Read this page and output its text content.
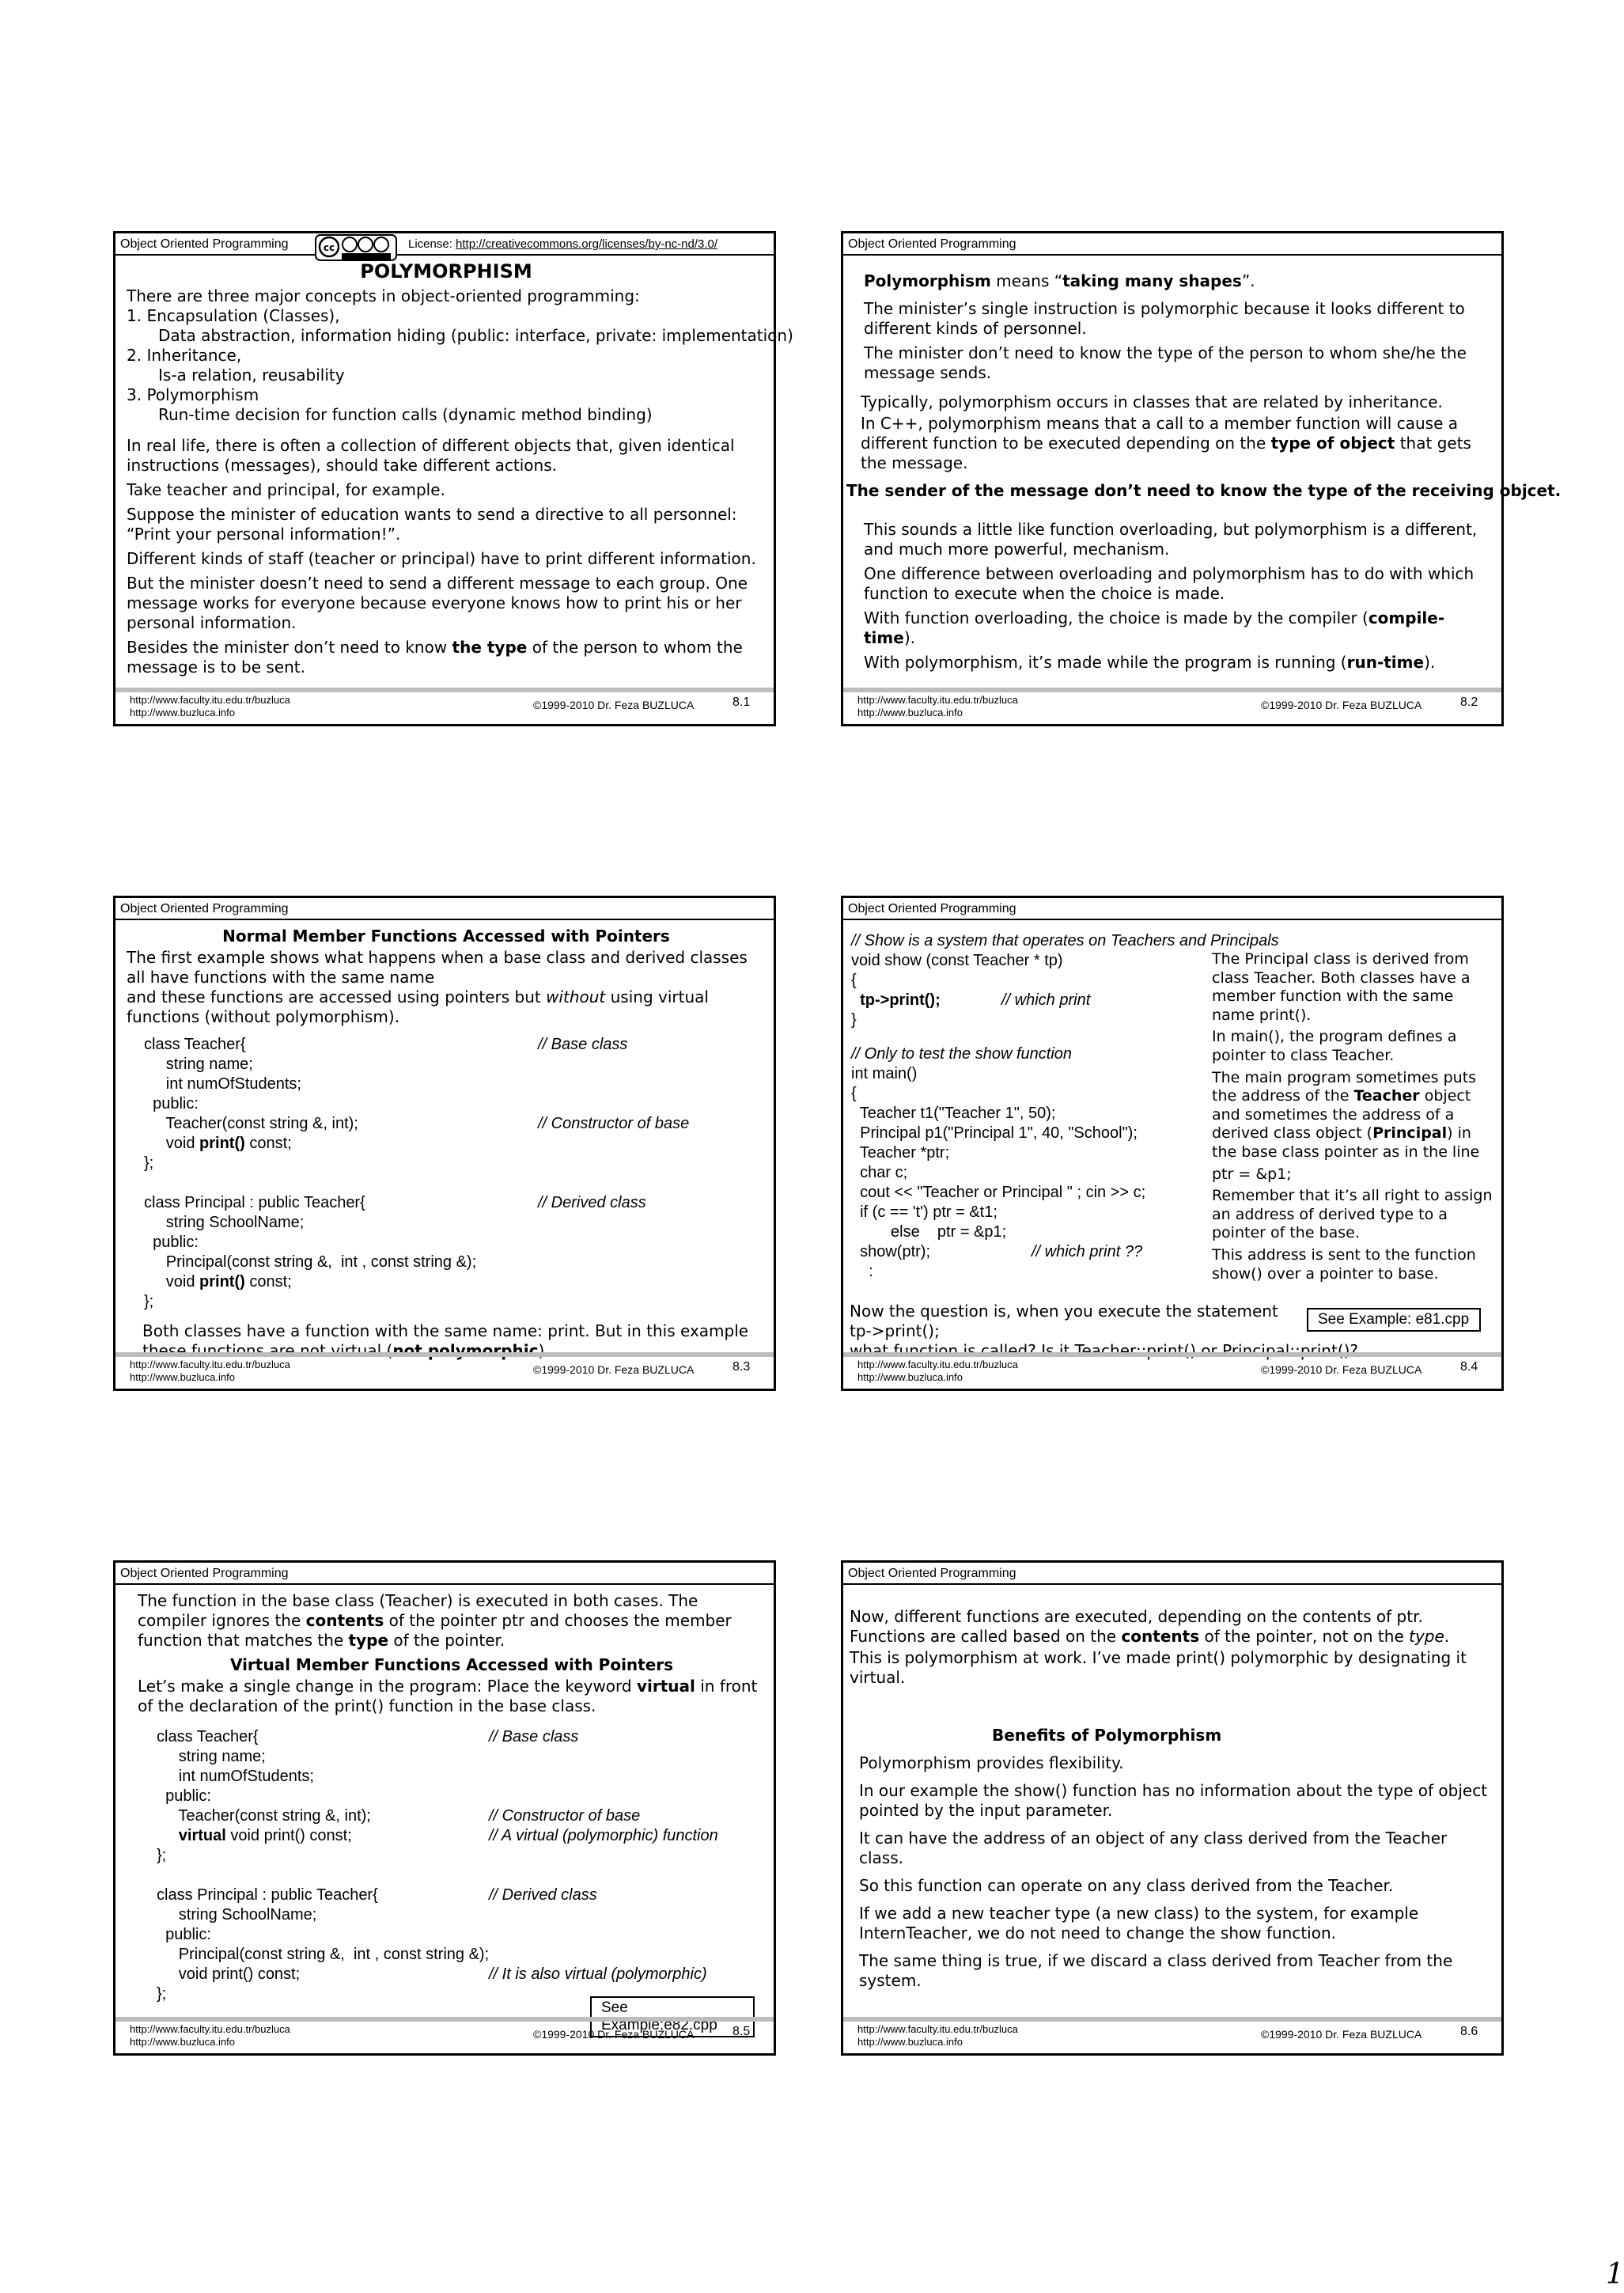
Object Oriented Programming	cc	License: http://creativecommons.org/licenses/by-nc-nd/3.0/
POLYMORPHISM
There are three major concepts in object-oriented programming:
1. Encapsulation (Classes),
Data abstraction, information hiding (public: interface, private: implementation)
2. Inheritance,
Is-a relation, reusability
3. Polymorphism
Run-time decision for function calls (dynamic method binding)

In real life, there is often a collection of different objects that, given identical instructions (messages), should take different actions.

Take teacher and principal, for example.

Suppose the minister of education wants to send a directive to all personnel: “Print your personal information!”.

Different kinds of staff (teacher or principal) have to print different information.

But the minister doesn’t need to send a different message to each group. One message works for everyone because everyone knows how to print his or her personal information.

Besides the minister don’t need to know the type of the person to whom the message is to be sent.

http://www.faculty.itu.edu.tr/buzluca
http://www.buzluca.info
©1999-2010 Dr. Feza BUZLUCA	8.1
Object Oriented Programming

Polymorphism means “taking many shapes”.

The minister’s single instruction is polymorphic because it looks different to different kinds of personnel.

The minister don’t need to know the type of the person to whom she/he the message sends.

Typically, polymorphism occurs in classes that are related by inheritance.

In C++, polymorphism means that a call to a member function will cause a different function to be executed depending on the type of object that gets the message.

The sender of the message don’t need to know the type of the receiving objcet.

This sounds a little like function overloading, but polymorphism is a different, and much more powerful, mechanism.

One difference between overloading and polymorphism has to do with which function to execute when the choice is made.

With function overloading, the choice is made by the compiler (compile-time).

With polymorphism, it’s made while the program is running (run-time).

http://www.faculty.itu.edu.tr/buzluca
http://www.buzluca.info
©1999-2010 Dr. Feza BUZLUCA	8.2
Object Oriented Programming
Normal Member Functions Accessed with Pointers
The first example shows what happens when a base class and derived classes all have functions with the same name

and these functions are accessed using pointers but without using virtual functions (without polymorphism).

class Teacher{	// Base class
string name;
int numOfStudents;
public:
Teacher(const string &, int);	// Constructor of base
void print() const;
};
class Principal : public Teacher{	// Derived class
string SchoolName;
public:
Principal(const string &,  int , const string &);
void print() const;
};

Both classes have a function with the same name: print. But in this example these functions are not virtual (not polymorphic).

http://www.faculty.itu.edu.tr/buzluca
http://www.buzluca.info
©1999-2010 Dr. Feza BUZLUCA	8.3
Object Oriented Programming
// Show is a system that operates on Teachers and Principals
void show (const Teacher * tp)
{
tp->print();	// which print
}
// Only to test the show function
int main()
{
Teacher t1("Teacher 1", 50);
Principal p1("Principal 1", 40, "School");
Teacher *ptr;
char c;
cout << "Teacher or Principal " ; cin >> c;
if (c == 't') ptr = &t1;
else    ptr = &p1;
show(ptr);	// which print ??
:

The Principal class is derived from class Teacher. Both classes have a member function with the same name print().

In main(), the program defines a pointer to class Teacher.

The main program sometimes puts the address of the Teacher object and sometimes the address of a derived class object (Principal) in the base class pointer as in the line

ptr = &p1;

Remember that it’s all right to assign an address of derived type to a pointer of the base.

This address is sent to the function show() over a pointer to base.

Now the question is, when you execute the statement
tp->print();
what function is called? Is it Teacher::print() or Principal::print()?
See Example: e81.cpp
http://www.faculty.itu.edu.tr/buzluca
http://www.buzluca.info
©1999-2010 Dr. Feza BUZLUCA	8.4
Object Oriented Programming

The function in the base class (Teacher) is executed in both cases. The compiler ignores the contents of the pointer ptr and chooses the member function that matches the type of the pointer.

Virtual Member Functions Accessed with Pointers

Let’s make a single change in the program: Place the keyword virtual in front of the declaration of the print() function in the base class.

class Teacher{	// Base class
string name;
int numOfStudents;
public:
Teacher(const string &, int);	// Constructor of base
virtual void print() const;	// A virtual (polymorphic) function
};
class Principal : public Teacher{	// Derived class
string SchoolName;
public:
Principal(const string &,  int , const string &);
void print() const;	// It is also virtual (polymorphic)
};
See Example:e82.cpp
http://www.faculty.itu.edu.tr/buzluca
http://www.buzluca.info
©1999-2010 Dr. Feza BUZLUCA	8.5
Object Oriented Programming

Now, different functions are executed, depending on the contents of ptr. Functions are called based on the contents of the pointer, not on the type.

This is polymorphism at work. I’ve made print() polymorphic by designating it virtual.

Benefits of Polymorphism

Polymorphism provides flexibility.

In our example the show() function has no information about the type of object pointed by the input parameter.

It can have the address of an object of any class derived from the Teacher class.

So this function can operate on any class derived from the Teacher.

If we add a new teacher type (a new class) to the system, for example InternTeacher, we do not need to change the show function.

The same thing is true, if we discard a class derived from Teacher from the system.

http://www.faculty.itu.edu.tr/buzluca
http://www.buzluca.info
©1999-2010 Dr. Feza BUZLUCA	8.6
1
